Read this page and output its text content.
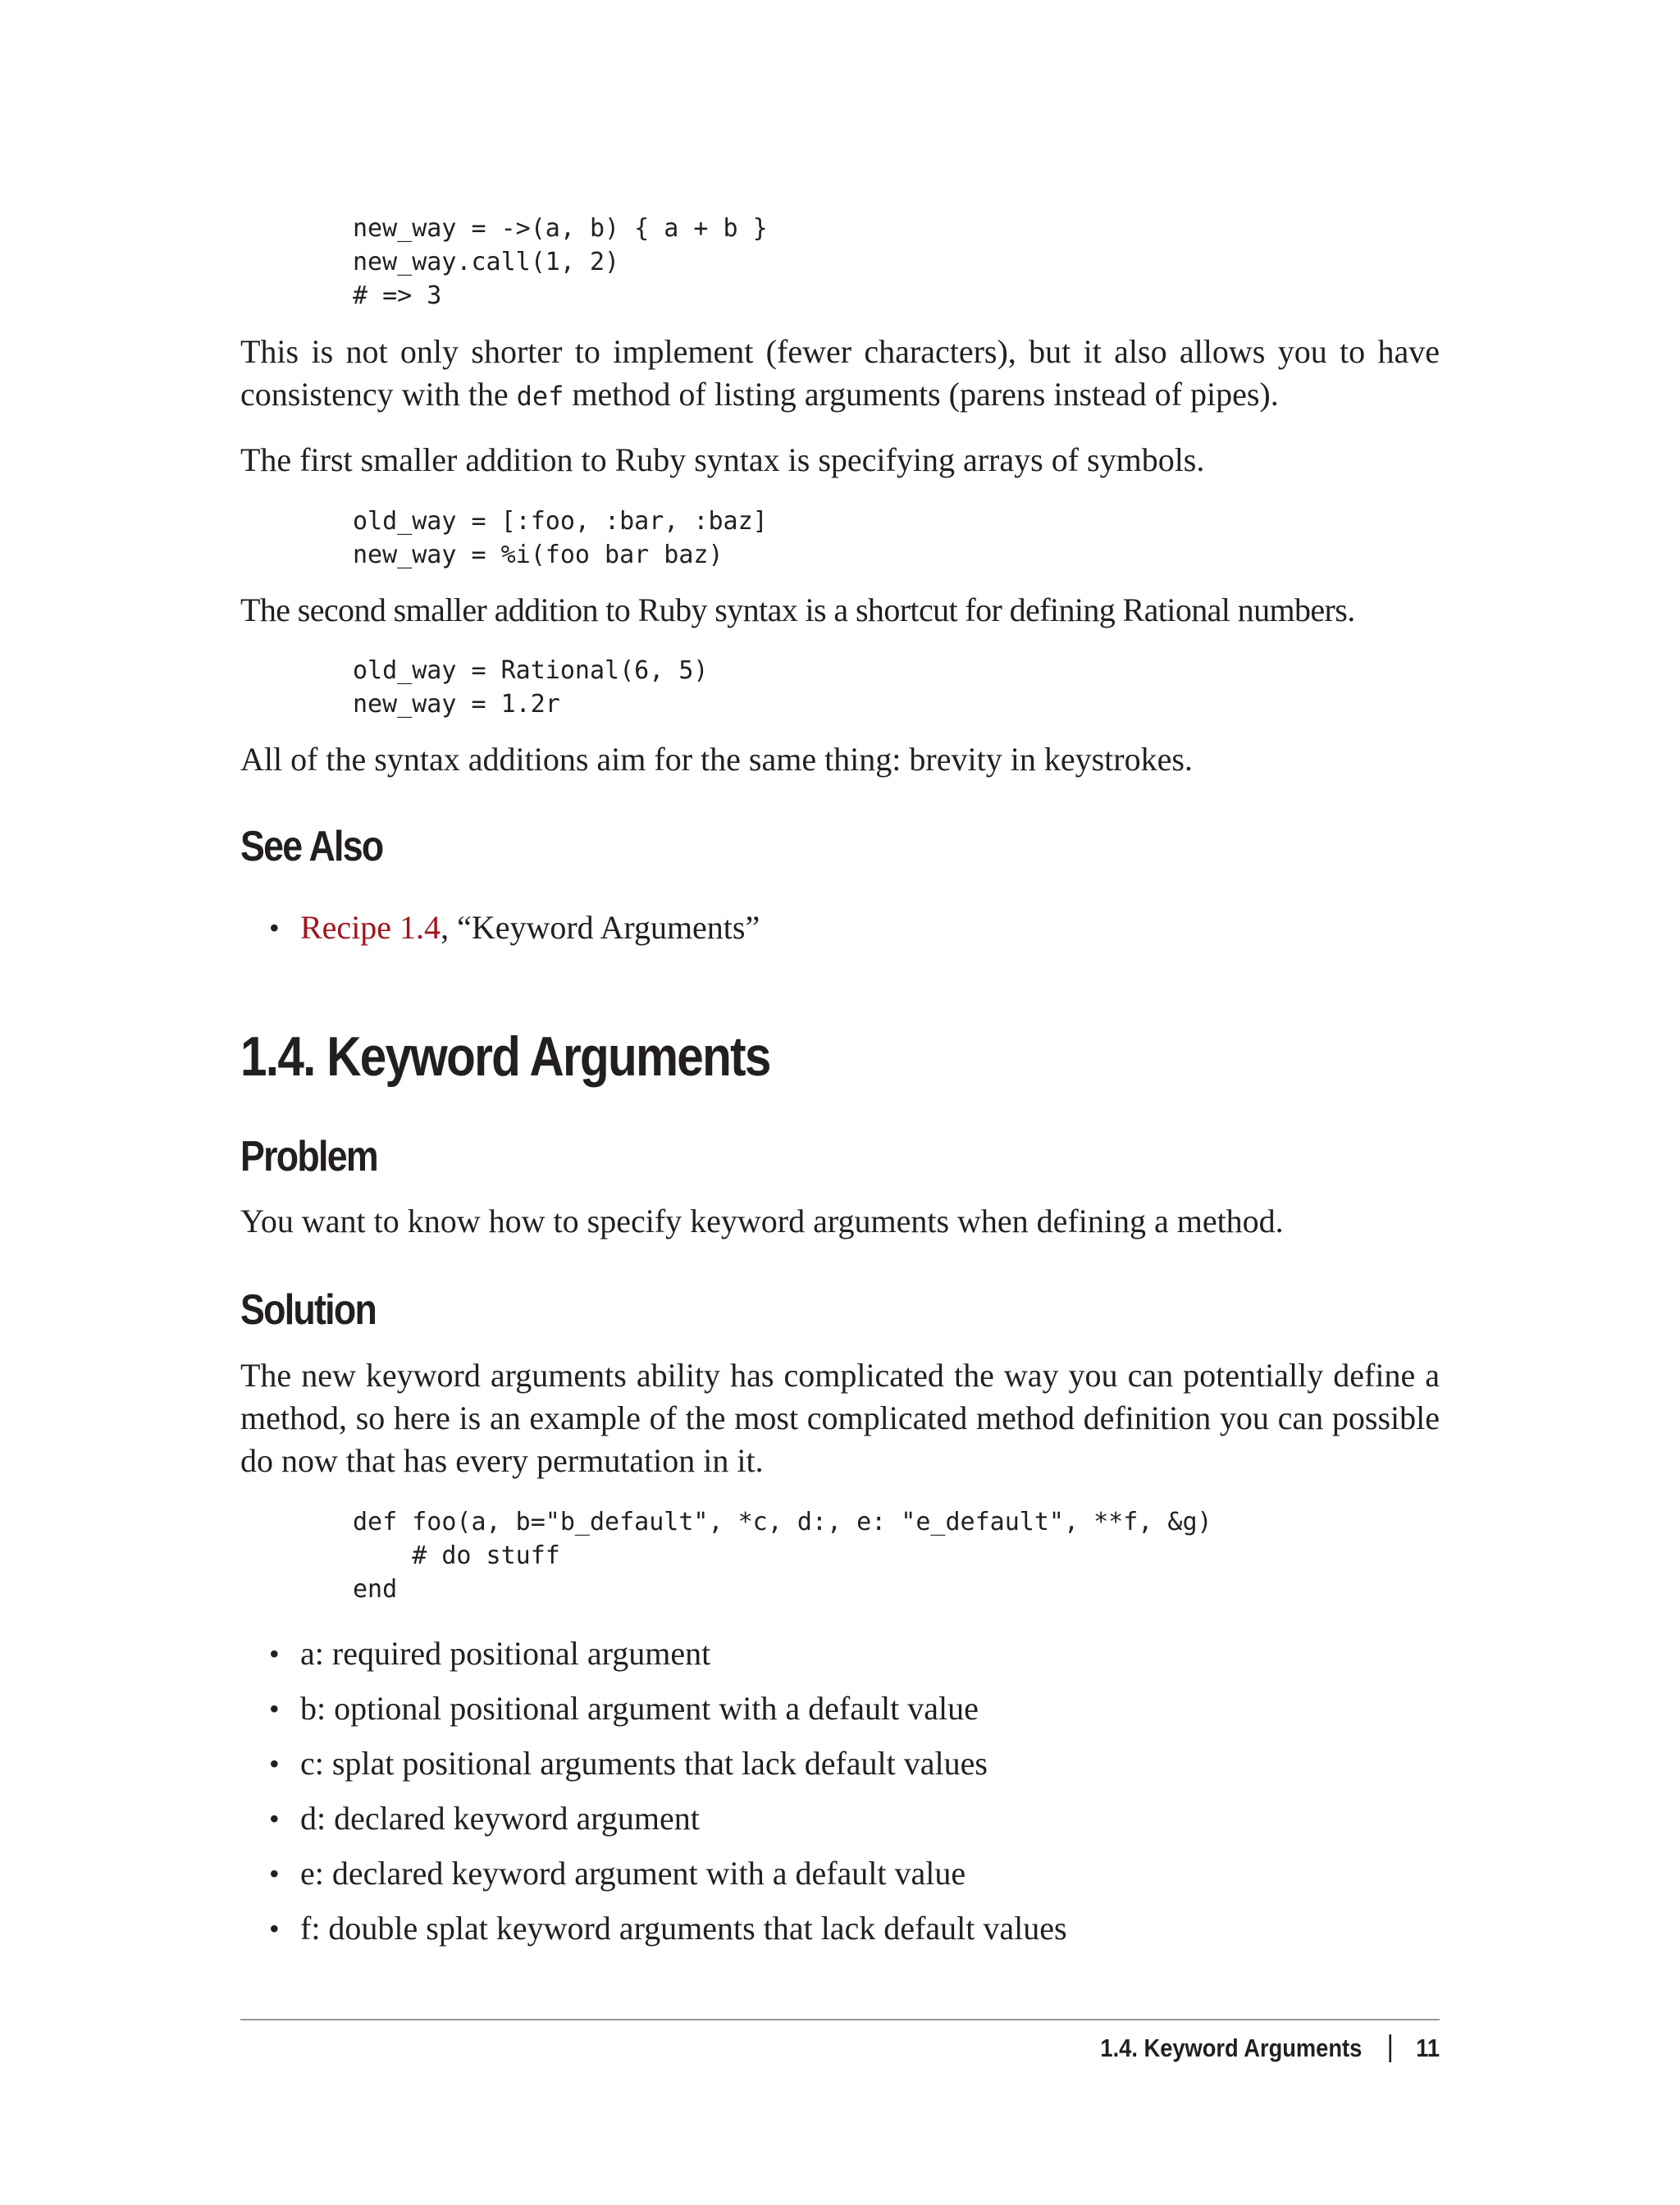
new_way = ->(a, b) { a + b }
new_way.call(1, 2)
# => 3

This is not only shorter to implement (fewer characters), but it also allows you to have consistency with the def method of listing arguments (parens instead of pipes).

The first smaller addition to Ruby syntax is specifying arrays of symbols.

old_way = [:foo, :bar, :baz]
new_way = %i(foo bar baz)

The second smaller addition to Ruby syntax is a shortcut for defining Rational numbers.

old_way = Rational(6, 5)
new_way = 1.2r

All of the syntax additions aim for the same thing: brevity in keystrokes.

See Also
• Recipe 1.4, “Keyword Arguments”
1.4. Keyword Arguments
Problem

You want to know how to specify keyword arguments when defining a method.

Solution

The new keyword arguments ability has complicated the way you can potentially define a method, so here is an example of the most complicated method definition you can possible do now that has every permutation in it.

def foo(a, b="b_default", *c, d:, e: "e_default", **f, &g)
# do stuff
end
• a: required positional argument
• b: optional positional argument with a default value
• c: splat positional arguments that lack default values
• d: declared keyword argument
• e: declared keyword argument with a default value
• f: double splat keyword arguments that lack default values
1.4. Keyword Arguments 11
